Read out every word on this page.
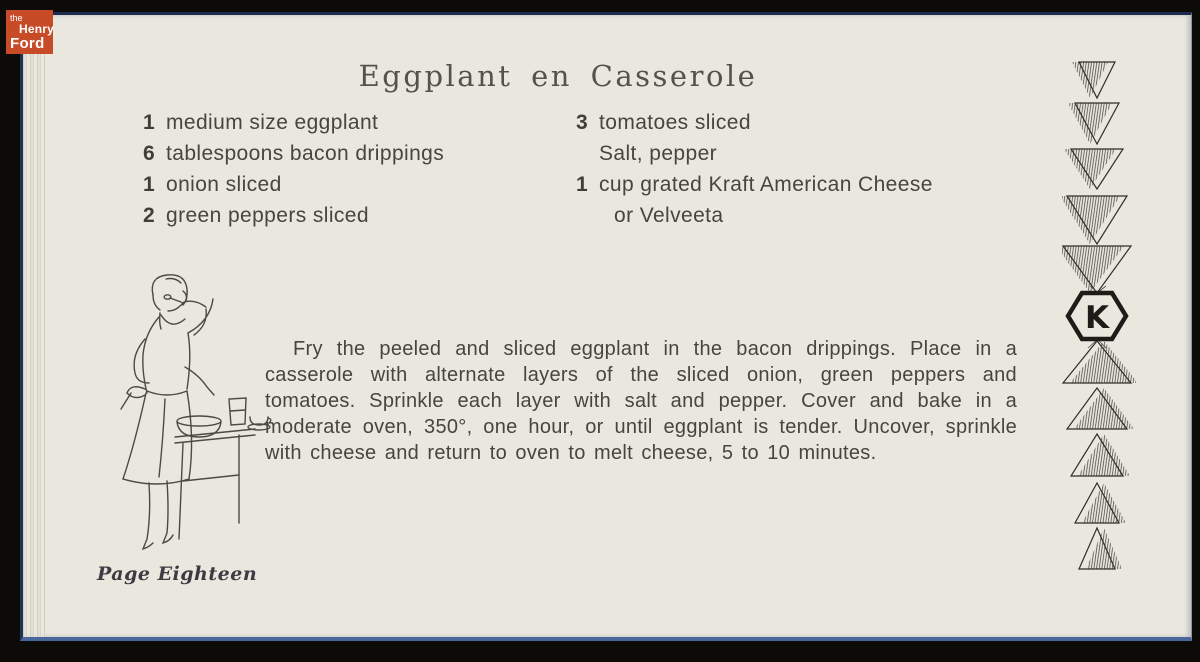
Eggplant en Casserole
1 medium size eggplant
6 tablespoons bacon drippings
1 onion sliced
2 green peppers sliced
3 tomatoes sliced
Salt, pepper
1 cup grated Kraft American Cheese
or Velveeta

Fry the peeled and sliced eggplant in the bacon drippings. Place in a casserole with alternate layers of the sliced onion, green peppers and tomatoes. Sprinkle each layer with salt and pepper. Cover and bake in a moderate oven, 350°, one hour, or until eggplant is tender. Uncover, sprinkle with cheese and return to oven to melt cheese, 5 to 10 minutes.

Page Eighteen
K
the
Henry
Ford
